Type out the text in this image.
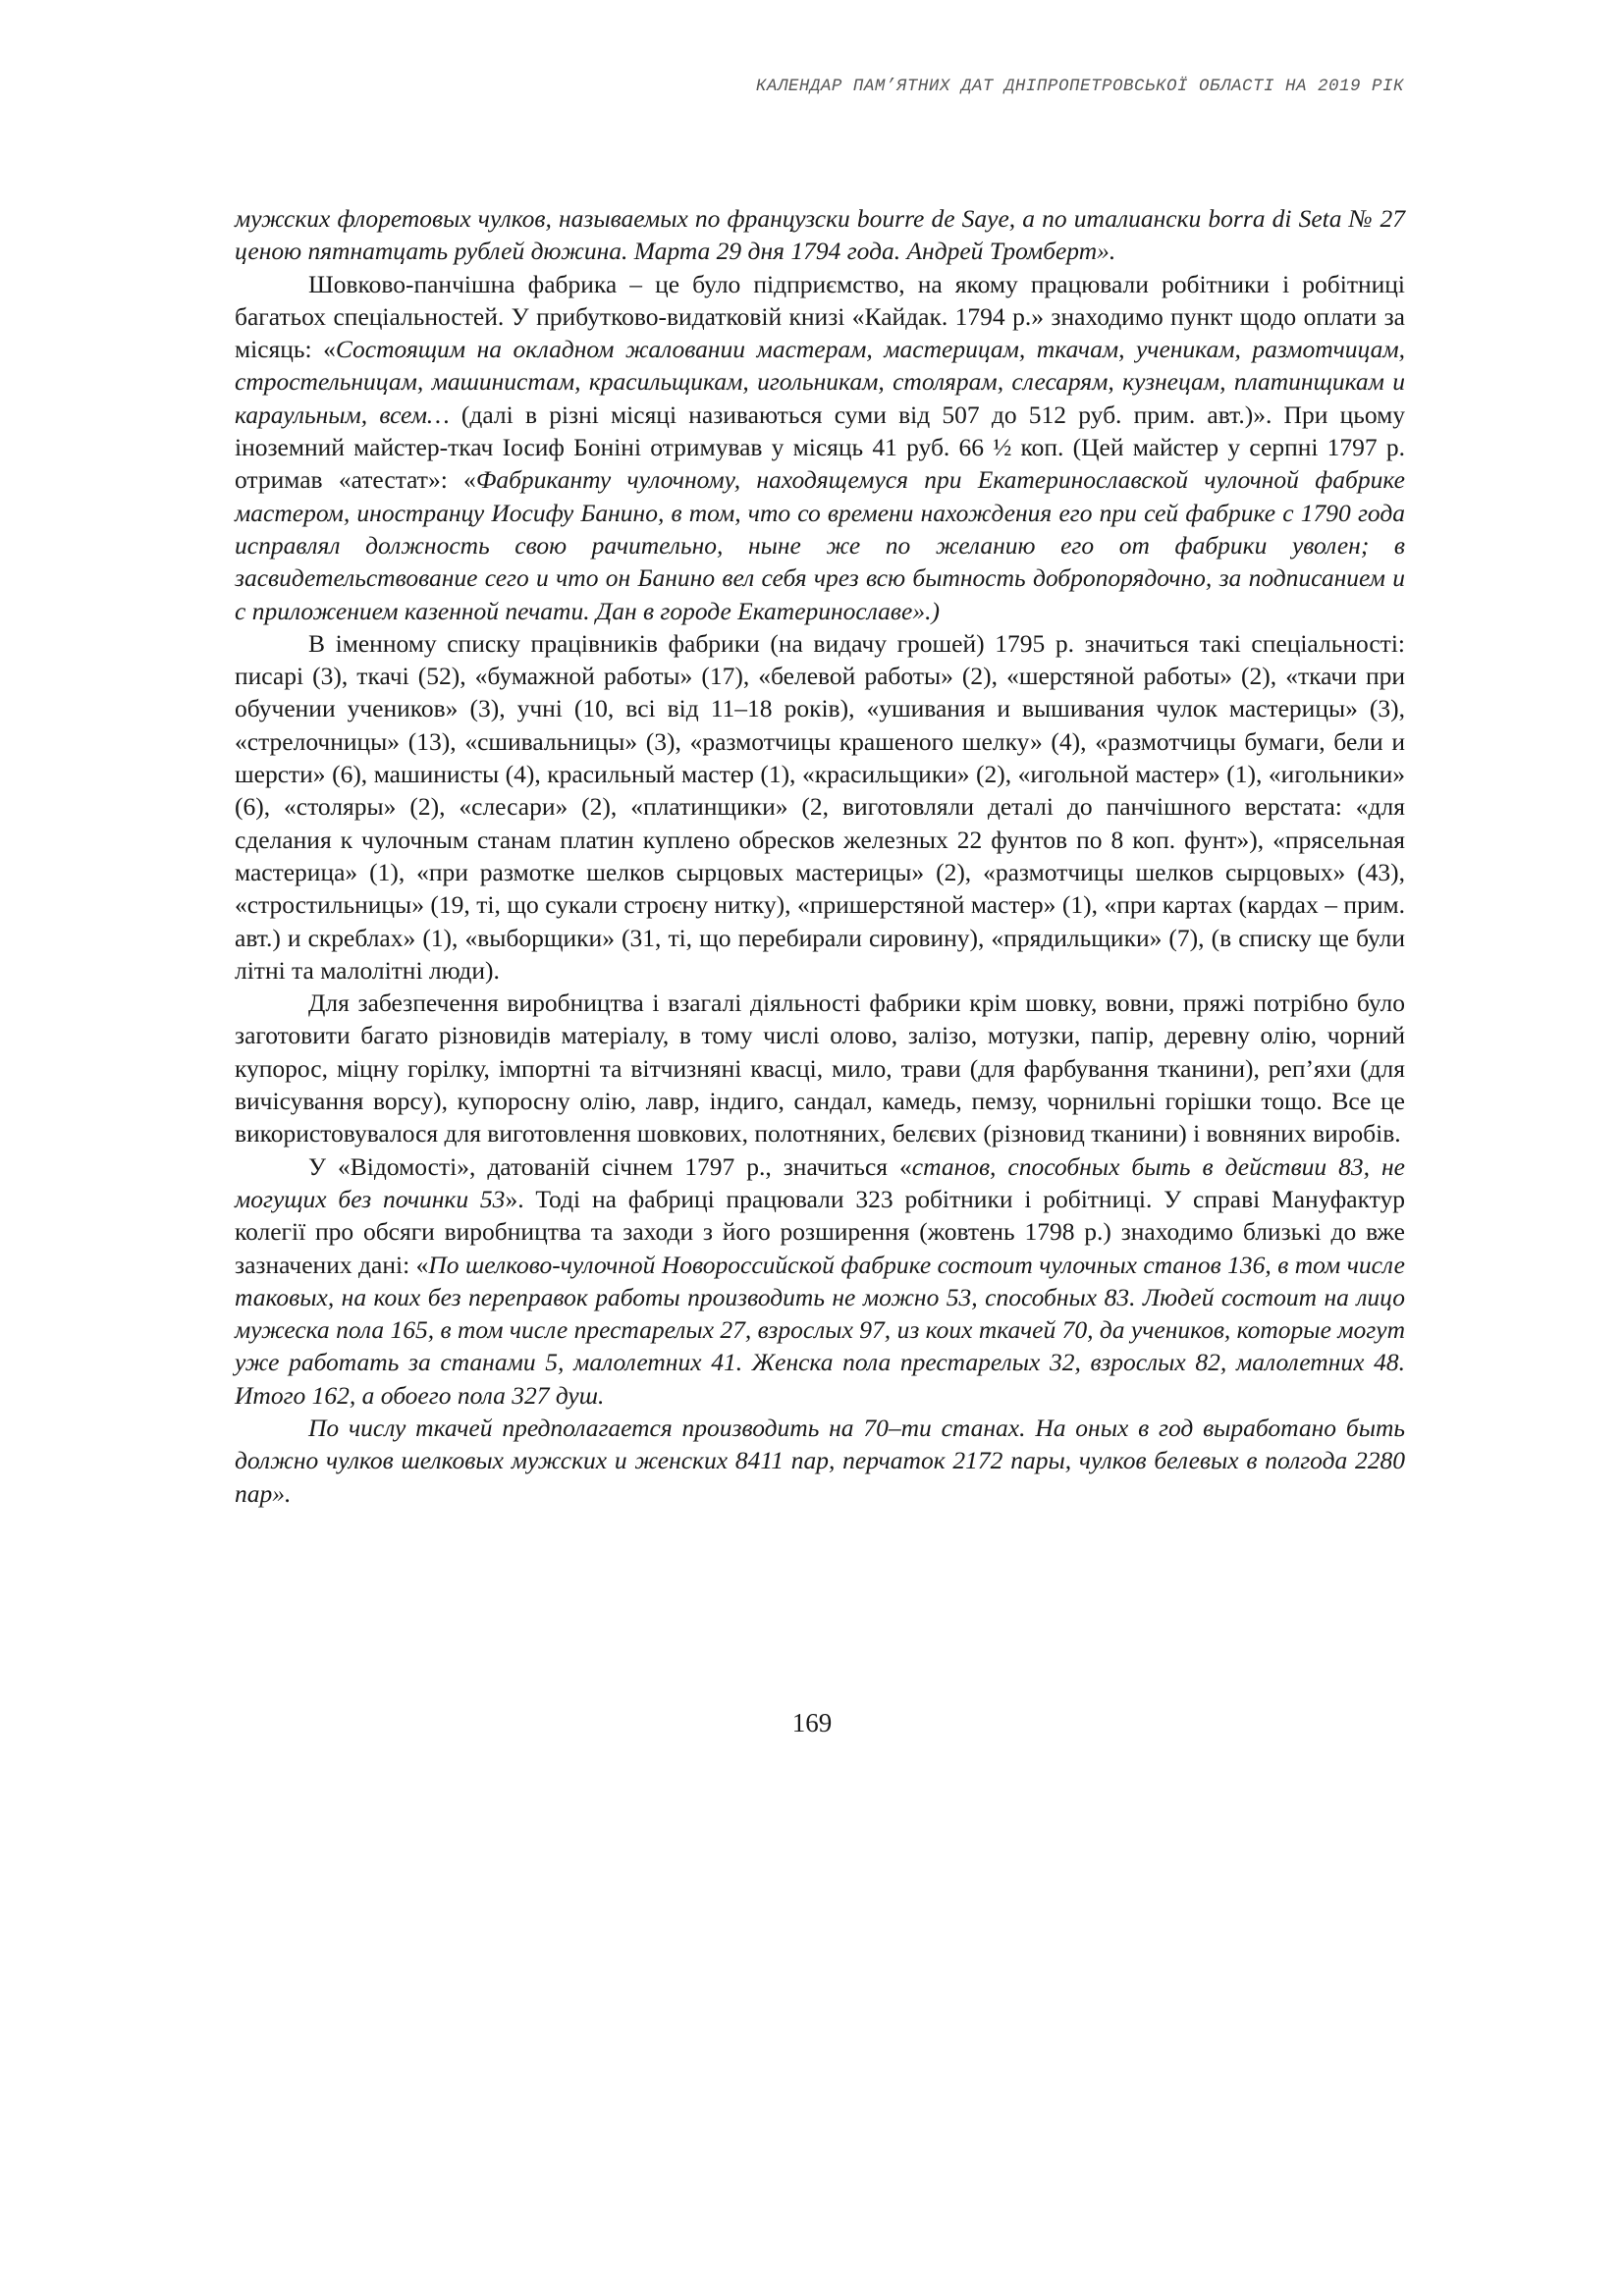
КАЛЕНДАР ПАМ’ЯТНИХ ДАТ ДНІПРОПЕТРОВСЬКОЇ ОБЛАСТІ НА 2019 РІК

мужских флоретовых чулков, называемых по французски bourre de Saye, а по италиански borra di Seta № 27 ценою пятнатцать рублей дюжина. Марта 29 дня 1794 года. Андрей Тромберт».

Шовково-панчішна фабрика – це було підприємство, на якому працювали робітники і робітниці багатьох спеціальностей. У прибутково-видатковій книзі «Кайдак. 1794 р.» знаходимо пункт щодо оплати за місяць: «Состоящим на окладном жаловании мастерам, мастерицам, ткачам, ученикам, размотчицам, стростельницам, машинистам, красильщикам, игольникам, столярам, слесарям, кузнецам, платинщикам и караульным, всем… (далі в різні місяці називаються суми від 507 до 512 руб. прим. авт.)». При цьому іноземний майстер-ткач Іосиф Боніні отримував у місяць 41 руб. 66 ½ коп. (Цей майстер у серпні 1797 р. отримав «атестат»: «Фабриканту чулочному, находящемуся при Екатеринославской чулочной фабрике мастером, иностранцу Иосифу Банино, в том, что со времени нахождения его при сей фабрике с 1790 года исправлял должность свою рачительно, ныне же по желанию его от фабрики уволен; в засвидетельствование сего и что он Банино вел себя чрез всю бытность добропорядочно, за подписанием и с приложением казенной печати. Дан в городе Екатеринославе».)

В іменному списку працівників фабрики (на видачу грошей) 1795 р. значиться такі спеціальності: писарі (3), ткачі (52), «бумажной работы» (17), «белевой работы» (2), «шерстяной работы» (2), «ткачи при обучении учеников» (3), учні (10, всі від 11–18 років), «ушивания и вышивания чулок мастерицы» (3), «стрелочницы» (13), «сшивальницы» (3), «размотчицы крашеного шелку» (4), «размотчицы бумаги, бели и шерсти» (6), машинисты (4), красильный мастер (1), «красильщики» (2), «игольной мастер» (1), «игольники» (6), «столяры» (2), «слесари» (2), «платинщики» (2, виготовляли деталі до панчішного верстата: «для сделания к чулочным станам платин куплено обресков железных 22 фунтов по 8 коп. фунт»), «прясельная мастерица» (1), «при размотке шелков сырцовых мастерицы» (2), «размотчицы шелков сырцовых» (43), «стростильницы» (19, ті, що сукали строєну нитку), «пришерстяной мастер» (1), «при картах (кардах – прим. авт.) и скреблах» (1), «выборщики» (31, ті, що перебирали сировину), «прядильщики» (7), (в списку ще були літні та малолітні люди).

Для забезпечення виробництва і взагалі діяльності фабрики крім шовку, вовни, пряжі потрібно було заготовити багато різновидів матеріалу, в тому числі олово, залізо, мотузки, папір, деревну олію, чорний купорос, міцну горілку, імпортні та вітчизняні квасці, мило, трави (для фарбування тканини), реп’яхи (для вичісування ворсу), купоросну олію, лавр, індиго, сандал, камедь, пемзу, чорнильні горішки тощо. Все це використовувалося для виготовлення шовкових, полотняних, белєвих (різновид тканини) і вовняних виробів.

У «Відомості», датованій січнем 1797 р., значиться «станов, способных быть в действии 83, не могущих без починки 53». Тоді на фабриці працювали 323 робітники і робітниці. У справі Мануфактур колегії про обсяги виробництва та заходи з його розширення (жовтень 1798 р.) знаходимо близькі до вже зазначених дані: «По шелково-чулочной Новороссийской фабрике состоит чулочных станов 136, в том числе таковых, на коих без переправок работы производить не можно 53, способных 83. Людей состоит на лицо мужеска пола 165, в том числе престарелых 27, взрослых 97, из коих ткачей 70, да учеников, которые могут уже работать за станами 5, малолетних 41. Женска пола престарелых 32, взрослых 82, малолетних 48. Итого 162, а обоего пола 327 душ.

По числу ткачей предполагается производить на 70–ти станах. На оных в год выработано быть должно чулков шелковых мужских и женских 8411 пар, перчаток 2172 пары, чулков белевых в полгода 2280 пар».

169
